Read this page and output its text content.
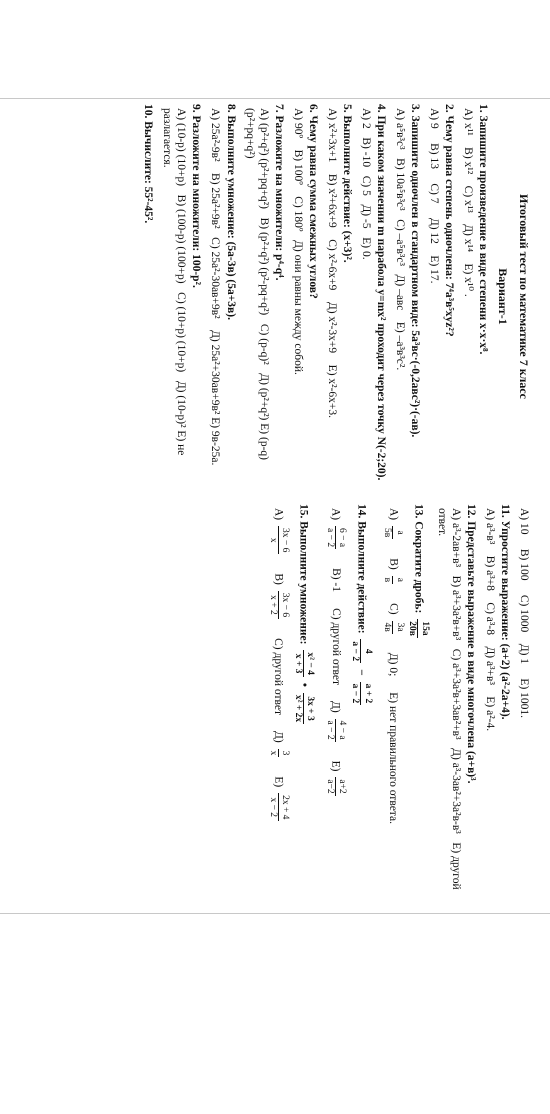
Итоговый тест по математике 7 класс
Вариант-1
1. Запишите произведение в виде степени х·х·х⁸.
А) х¹¹    В) х¹²    С) х¹³    Д) х¹⁴    Е) х¹⁰ .
2. Чему равна степень одночлена: 7⁴a³в⁵xyz²?
А) 9     В) 13     С) 7     Д) 12    Е) 17.
3. Запишите одночлен в стандартном виде: 5a³вс·(-0,2авс²)·(-ав).
А) а⁵в³с³   В) 10а⁵в³с³   С) –а⁵в³с³   Д) –авс    Е) –а³в³с².
4. При каком значении m парабола у=mх² проходит через точку N(-2;20).
А) 2   В) -10   С) 5   Д) -5   Е) 0.
5. Выполните действие: (х+3)².
А) х²+3х+1    В) х²+6х+9    С) х²-6х+9    Д) х²-3х+9    Е) х²-6х+3.
6. Чему равна сумма смежных углов?
А) 90º    В) 100º    С) 180º   Д) они равны между собой.
7. Разложите на множители: р⁴-q⁴.
А) (р²+q²) (р²+pq+q²)   В) (р²+q²) (р²-pq+q²)   С) (р-q)²   Д) (р²+q²) Е) (р-q)(р²+pq+q²)
8. Выполните умножение: (5а-3в) (5а+3в).
А) 25а²-9в²    В) 25а²+9в²   С) 25а²-30ав+9в²    Д) 25а²+30ав+9в² Е) 9в-25а.
9. Разложите на множители: 100-р².
А) (10-р) (10+р)   В) (100-р) (100+р)   С) (10+р) (10+р)   Д) (10-р)² Е) не разлагается.
10. Вычислите: 55²-45².
А) 10     В) 100     С) 1000    Д) 1     Е) 1001.
11. Упростите выражение: (а+2) (а²-2а+4).
А) а³-в³    В) а³+8    С) а³-8    Д) а³+в³    Е) а²-4.
12. Представьте выражение в виде многочлена (а+в)³.
А) а³-2ав+в³   В) а³+3а²в+в³   С) а³+3а²в+3ав²+в³   Д) а³-3ав²+3а²в-в³   Е) другой ответ.
13. Сократите дробь:
15a
20в
А)
a
5в
В)
a
в
С)
3a
4в
Д) 0;Е) нет правильного ответа.
14. Выполните действие:
4
a − 2
−
a + 2
a − 2
А)
6 − a
a − 2
В) -1С) другой ответД)
4 − a
a − 2
Е)
a+2
a−2
15. Выполните умножение:
x² − 4
x + 3
•
3x + 3
x² + 2x
А)
3x − 6
x
В)
3x − 6
x + 2
С) другой ответД)
3
x
Е)
2x + 4
x − 2
